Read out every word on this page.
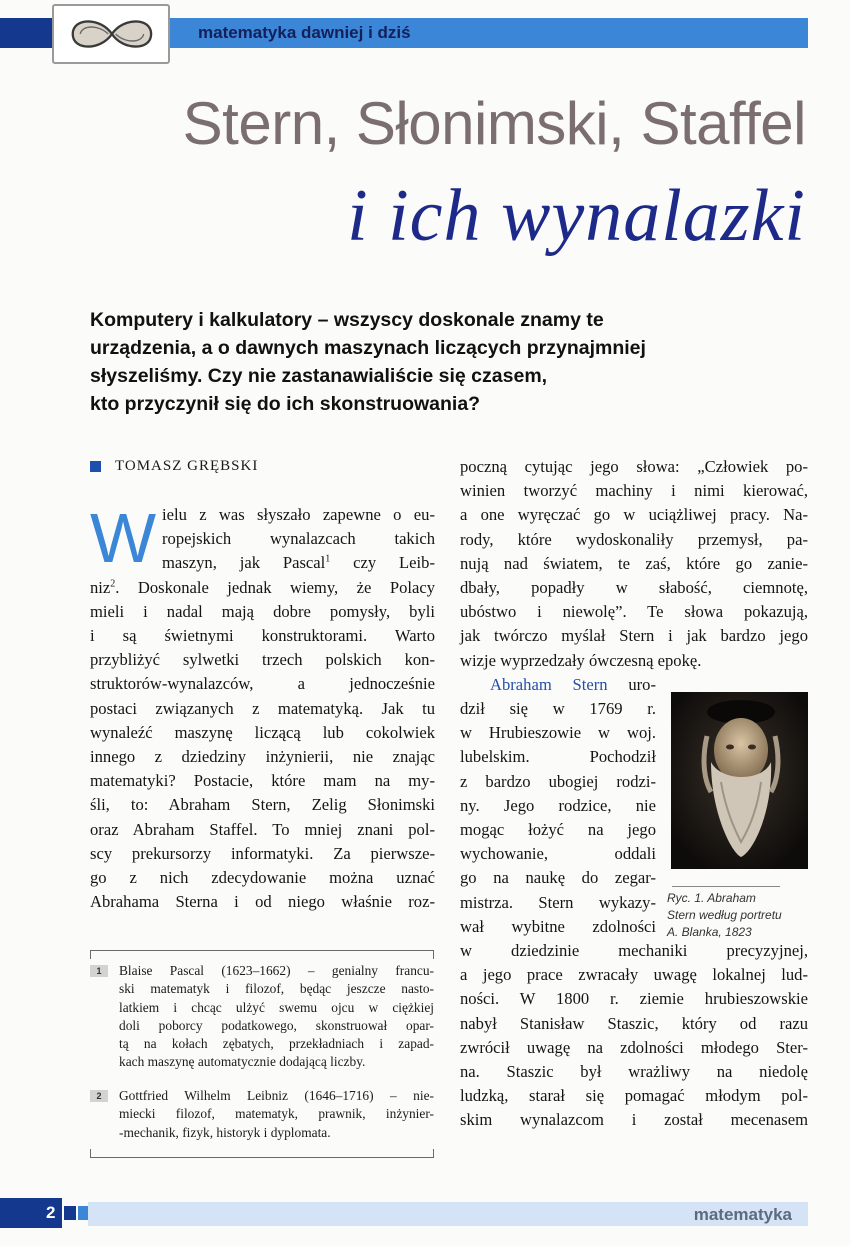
matematyka dawniej i dziś
Stern, Słonimski, Staffel
i ich wynalazki
Komputery i kalkulatory – wszyscy doskonale znamy te
urządzenia, a o dawnych maszynach liczących przynajmniej
słyszeliśmy. Czy nie zastanawialiście się czasem,
kto przyczynił się do ich skonstruowania?
TOMASZ GRĘBSKI
W ielu z was słyszało zapewne o eu-
ropejskich wynalazcach takich
maszyn, jak Pascal$^1$ czy Leib-
niz$^2$. Doskonale jednak wiemy, że Polacy
mieli i nadal mają dobre pomysły, byli
i są świetnymi konstruktorami. Warto
przybliżyć sylwetki trzech polskich kon-
struktorów-wynalazców, a jednocześnie
postaci związanych z matematyką. Jak tu
wynaleźć maszynę liczącą lub cokolwiek
innego z dziedziny inżynierii, nie znając
matematyki? Postacie, które mam na my-
śli, to: Abraham Stern, Zelig Słonimski
oraz Abraham Staffel. To mniej znani pol-
scy prekursorzy informatyki. Za pierwsze-
go z nich zdecydowanie można uznać
Abrahama Sterna i od niego właśnie roz-
poczną cytując jego słowa: „Człowiek po-
winien tworzyć machiny i nimi kierować,
a one wyręczać go w uciążliwej pracy. Na-
rody, które wydoskonaliły przemysł, pa-
nują nad światem, te zaś, które go zanie-
dbały, popadły w słabość, ciemnotę,
ubóstwo i niewolę”. Te słowa pokazują,
jak twórczo myślał Stern i jak bardzo jego
wizje wyprzedzały ówczesną epokę.
Abraham Stern uro-
dził się w 1769 r.
w Hrubieszowie w woj.
lubelskim. Pochodził
z bardzo ubogiej rodzi-
ny. Jego rodzice, nie
mogąc łożyć na jego
wychowanie, oddali
go na naukę do zegar-
mistrza. Stern wykazy-
wał wybitne zdolności
w dziedzinie mechaniki precyzyjnej,
a jego prace zwracały uwagę lokalnej lud-
ności. W 1800 r. ziemie hrubieszowskie
nabył Stanisław Staszic, który od razu
zwrócił uwagę na zdolności młodego Ster-
na. Staszic był wrażliwy na niedolę
ludzką, starał się pomagać młodym pol-
skim wynalazcom i został mecenasem
Ryc. 1. Abraham
Stern według portretu
A. Blanka, 1823
1	Blaise Pascal (1623–1662) – genialny francu-
ski matematyk i filozof, będąc jeszcze nasto-
latkiem i chcąc ulżyć swemu ojcu w ciężkiej
doli poborcy podatkowego, skonstruował opar-
tą na kołach zębatych, przekładniach i zapad-
kach maszynę automatycznie dodającą liczby.
2	Gottfried Wilhelm Leibniz (1646–1716) – nie-
miecki filozof, matematyk, prawnik, inżynier-
-mechanik, fizyk, historyk i dyplomata.
2	matematyka
